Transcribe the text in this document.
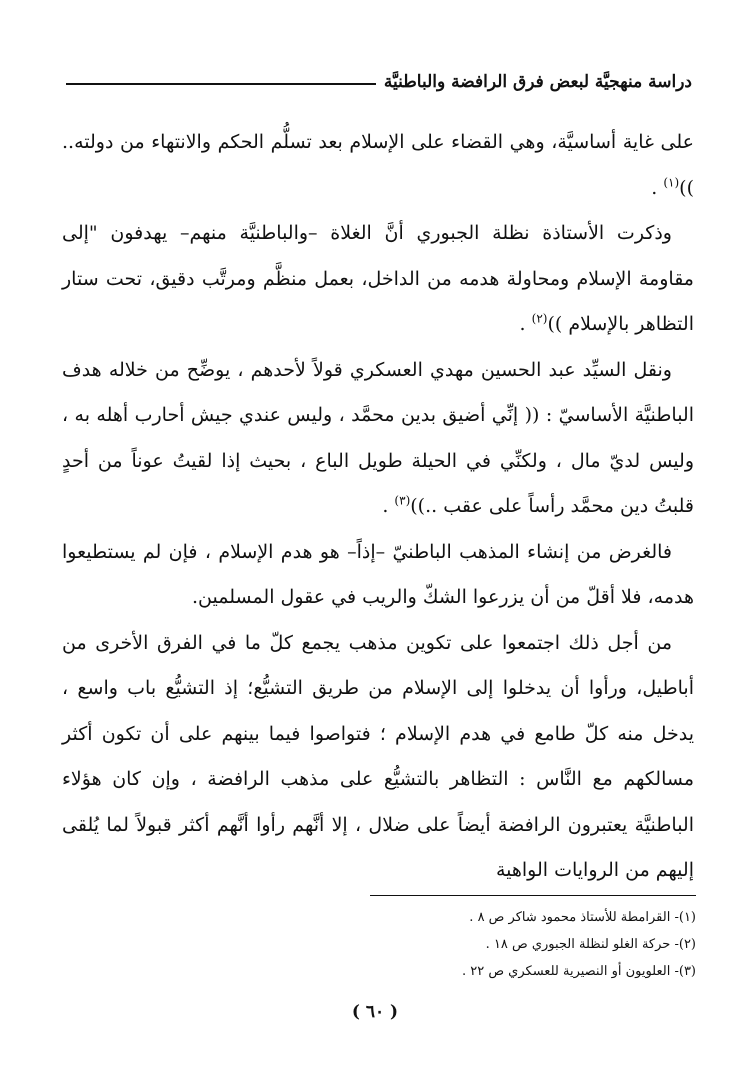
دراسة منهجيَّة لبعض فرق الرافضة والباطنيَّة

على غاية أساسيَّة، وهي القضاء على الإسلام بعد تسلُّم الحكم والانتهاء من دولته.. ))$^{(١)}$ .

وذكرت الأستاذة نظلة الجبوري أنَّ الغلاة –والباطنيَّة منهم– يهدفون "إلى مقاومة الإسلام ومحاولة هدمه من الداخل، بعمل منظَّم ومرتَّب دقيق، تحت ستار التظاهر بالإسلام ))$^{(٢)}$ .

ونقل السيِّد عبد الحسين مهدي العسكري قولاً لأحدهم ، يوضِّح من خلاله هدف الباطنيَّة الأساسيّ : (( إنِّي أضيق بدين محمَّد ، وليس عندي جيش أحارب أهله به ، وليس لديّ مال ، ولكنِّي في الحيلة طويل الباع ، بحيث إذا لقيتُ عوناً من أحدٍ قلبتُ دين محمَّد رأساً على عقب ..))$^{(٣)}$ .

فالغرض من إنشاء المذهب الباطنيّ –إذاً– هو هدم الإسلام ، فإن لم يستطيعوا هدمه، فلا أقلّ من أن يزرعوا الشكّ والريب في عقول المسلمين.

من أجل ذلك اجتمعوا على تكوين مذهب يجمع كلّ ما في الفرق الأخرى من أباطيل، ورأوا أن يدخلوا إلى الإسلام من طريق التشيُّع؛ إذ التشيُّع باب واسع ، يدخل منه كلّ طامع في هدم الإسلام ؛ فتواصوا فيما بينهم على أن تكون أكثر مسالكهم مع النَّاس : التظاهر بالتشيُّع على مذهب الرافضة ، وإن كان هؤلاء الباطنيَّة يعتبرون الرافضة أيضاً على ضلال ، إلا أنَّهم رأوا أنَّهم أكثر قبولاً لما يُلقى إليهم من الروايات الواهية

(١)- القرامطة للأستاذ محمود شاكر ص ٨ .
(٢)- حركة الغلو لنظلة الجبوري ص ١٨ .
(٣)- العلويون أو النصيرية للعسكري ص ٢٢ .
( ٦٠ )
